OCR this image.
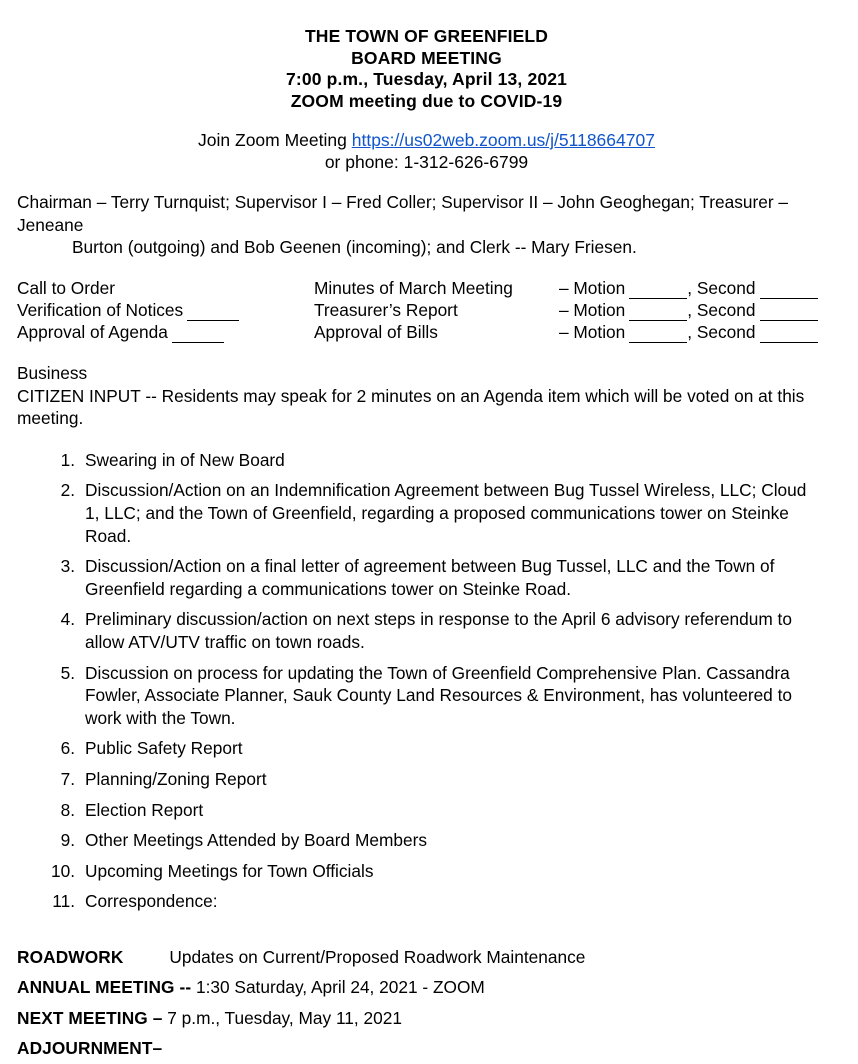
THE TOWN OF GREENFIELD
BOARD MEETING
7:00 p.m., Tuesday, April 13, 2021
ZOOM meeting due to COVID-19
Join Zoom Meeting https://us02web.zoom.us/j/5118664707
or phone: 1-312-626-6799
Chairman – Terry Turnquist; Supervisor I – Fred Coller; Supervisor II – John Geoghegan; Treasurer – Jeneane
Burton (outgoing) and Bob Geenen (incoming); and Clerk -- Mary Friesen.
Call to Order	Minutes of March Meeting	– Motion	, Second
Verification of Notices	Treasurer’s Report	– Motion	, Second
Approval of Agenda	Approval of Bills	– Motion	, Second
Business
CITIZEN INPUT -- Residents may speak for 2 minutes on an Agenda item which will be voted on at this meeting.
1. Swearing in of New Board
2. Discussion/Action on an Indemnification Agreement between Bug Tussel Wireless, LLC; Cloud 1, LLC; and the Town of Greenfield, regarding a proposed communications tower on Steinke Road.
3. Discussion/Action on a final letter of agreement between Bug Tussel, LLC and the Town of Greenfield regarding a communications tower on Steinke Road.
4. Preliminary discussion/action on next steps in response to the April 6 advisory referendum to allow ATV/UTV traffic on town roads.
5. Discussion on process for updating the Town of Greenfield Comprehensive Plan. Cassandra Fowler, Associate Planner, Sauk County Land Resources & Environment, has volunteered to work with the Town.
6. Public Safety Report
7. Planning/Zoning Report
8. Election Report
9. Other Meetings Attended by Board Members
10. Upcoming Meetings for Town Officials
11. Correspondence:
ROADWORK	Updates on Current/Proposed Roadwork Maintenance
ANNUAL MEETING -- 1:30 Saturday, April 24, 2021 - ZOOM
NEXT MEETING – 7 p.m., Tuesday, May 11, 2021
ADJOURNMENT–
